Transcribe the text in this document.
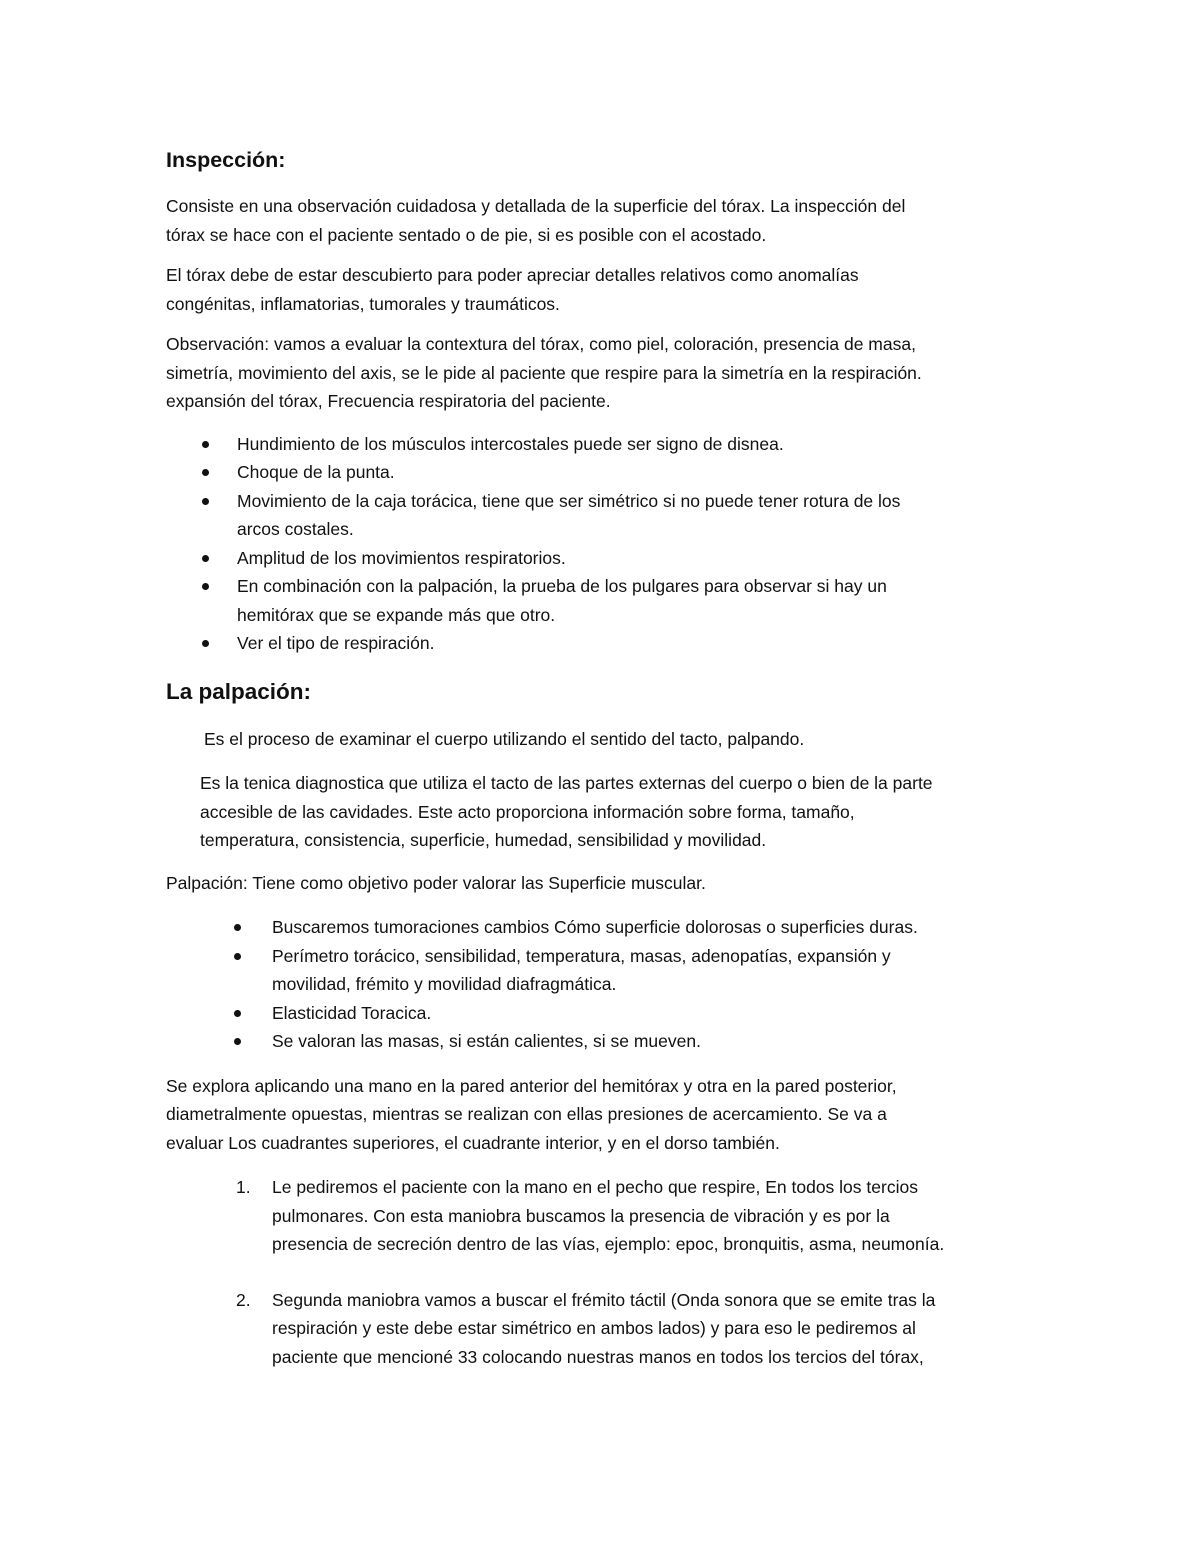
Inspección:

Consiste en una observación cuidadosa y detallada de la superficie del tórax. La inspección del
tórax se hace con el paciente sentado o de pie, si es posible con el acostado.

El tórax debe de estar descubierto para poder apreciar detalles relativos como anomalías
congénitas, inflamatorias, tumorales y traumáticos.

Observación: vamos a evaluar la contextura del tórax, como piel, coloración, presencia de masa,
simetría, movimiento del axis, se le pide al paciente que respire para la simetría en la respiración.
expansión del tórax, Frecuencia respiratoria del paciente.

Hundimiento de los músculos intercostales puede ser signo de disnea.
Choque de la punta.
Movimiento de la caja torácica, tiene que ser simétrico si no puede tener rotura de los
arcos costales.
Amplitud de los movimientos respiratorios.
En combinación con la palpación, la prueba de los pulgares para observar si hay un
hemitórax que se expande más que otro.
Ver el tipo de respiración.
La palpación:

Es el proceso de examinar el cuerpo utilizando el sentido del tacto, palpando.

Es la tenica diagnostica que utiliza el tacto de las partes externas del cuerpo o bien de la parte
accesible de las cavidades. Este acto proporciona información sobre forma, tamaño,
temperatura, consistencia, superficie, humedad, sensibilidad y movilidad.

Palpación: Tiene como objetivo poder valorar las Superficie muscular.

Buscaremos tumoraciones cambios Cómo superficie dolorosas o superficies duras.
Perímetro torácico, sensibilidad, temperatura, masas, adenopatías, expansión y
movilidad, frémito y movilidad diafragmática.
Elasticidad Toracica.
Se valoran las masas, si están calientes, si se mueven.

Se explora aplicando una mano en la pared anterior del hemitórax y otra en la pared posterior,
diametralmente opuestas, mientras se realizan con ellas presiones de acercamiento. Se va a
evaluar Los cuadrantes superiores, el cuadrante interior, y en el dorso también.

1. Le pediremos el paciente con la mano en el pecho que respire, En todos los tercios
pulmonares. Con esta maniobra buscamos la presencia de vibración y es por la
presencia de secreción dentro de las vías, ejemplo: epoc, bronquitis, asma, neumonía.
2. Segunda maniobra vamos a buscar el frémito táctil (Onda sonora que se emite tras la
respiración y este debe estar simétrico en ambos lados) y para eso le pediremos al
paciente que mencioné 33 colocando nuestras manos en todos los tercios del tórax,
